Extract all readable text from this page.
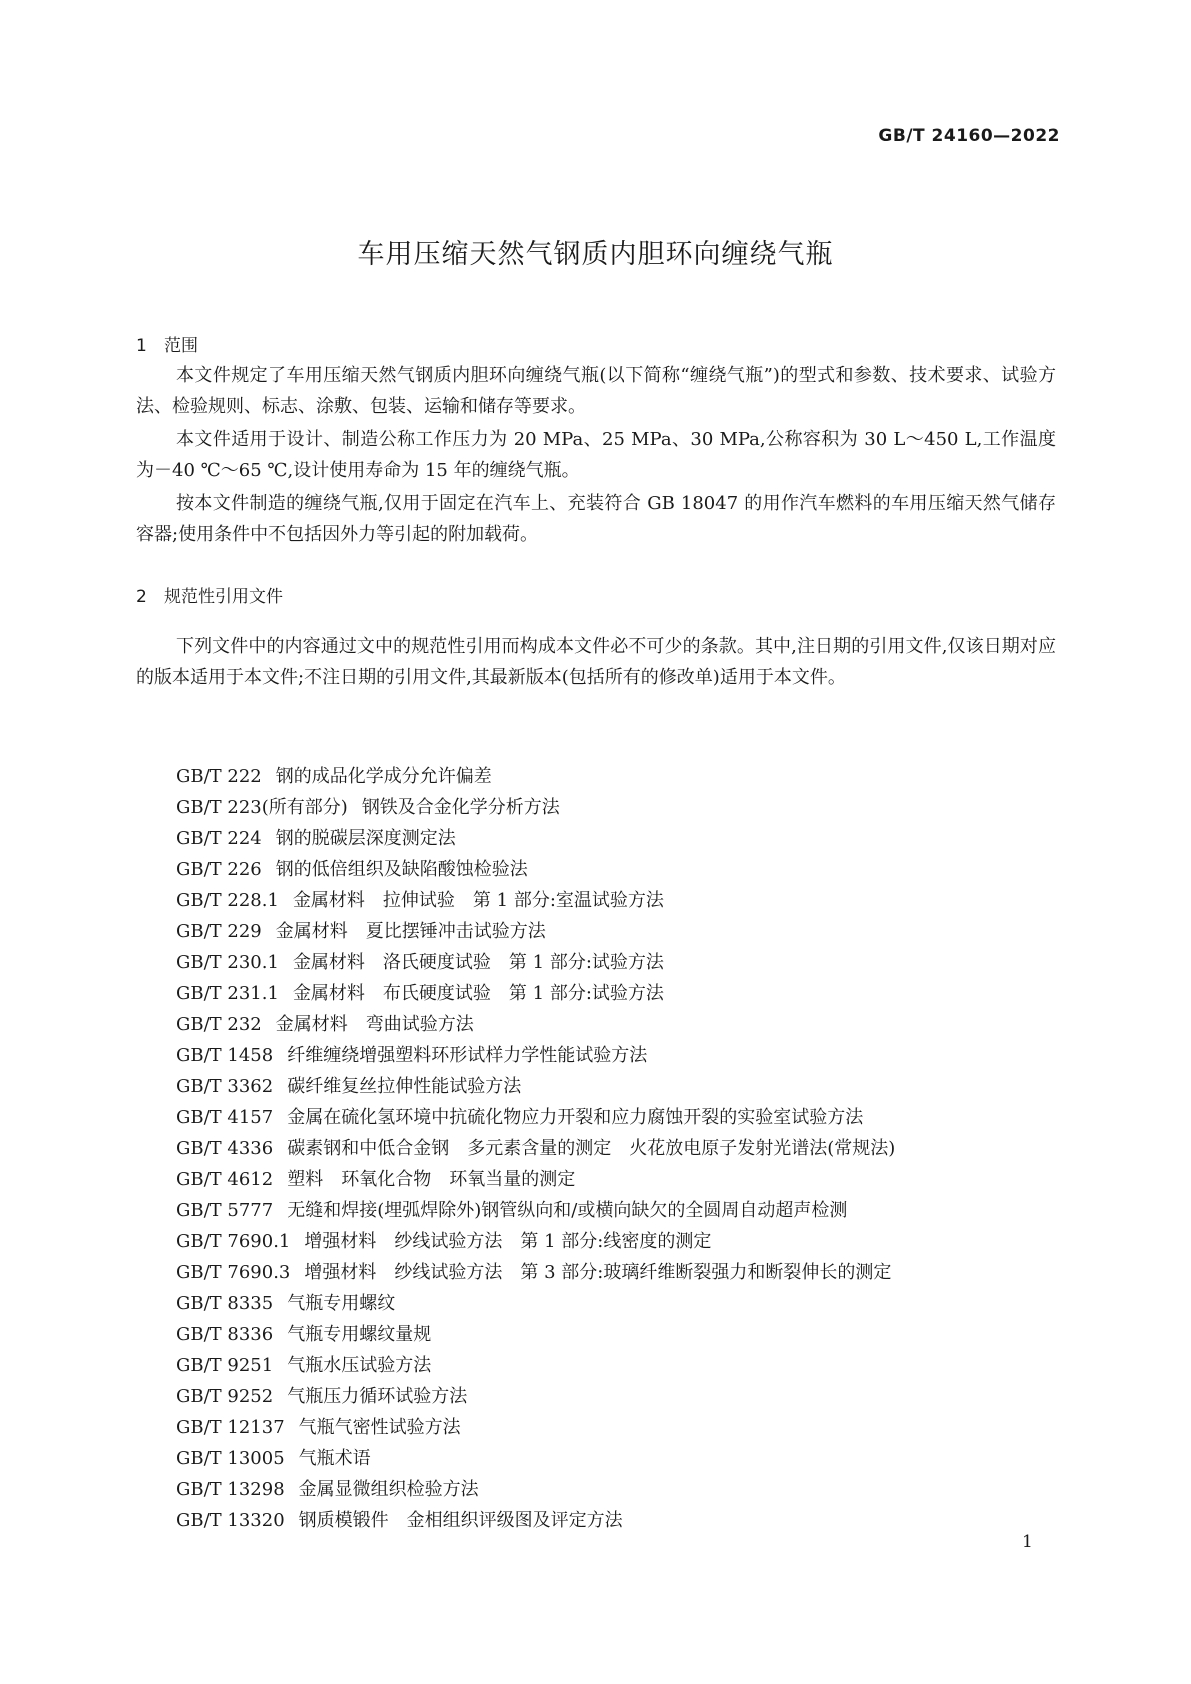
GB/T 24160—2022
车用压缩天然气钢质内胆环向缠绕气瓶
1 范围

本文件规定了车用压缩天然气钢质内胆环向缠绕气瓶(以下简称“缠绕气瓶”)的型式和参数、技术要求、试验方法、检验规则、标志、涂敷、包装、运输和储存等要求。

本文件适用于设计、制造公称工作压力为 20 MPa、25 MPa、30 MPa,公称容积为 30 L～450 L,工作温度为－40 ℃～65 ℃,设计使用寿命为 15 年的缠绕气瓶。

按本文件制造的缠绕气瓶,仅用于固定在汽车上、充装符合 GB 18047 的用作汽车燃料的车用压缩天然气储存容器;使用条件中不包括因外力等引起的附加载荷。

2 规范性引用文件

下列文件中的内容通过文中的规范性引用而构成本文件必不可少的条款。其中,注日期的引用文件,仅该日期对应的版本适用于本文件;不注日期的引用文件,其最新版本(包括所有的修改单)适用于本文件。

GB/T 222 钢的成品化学成分允许偏差
GB/T 223(所有部分) 钢铁及合金化学分析方法
GB/T 224 钢的脱碳层深度测定法
GB/T 226 钢的低倍组织及缺陷酸蚀检验法
GB/T 228.1 金属材料　拉伸试验　第 1 部分:室温试验方法
GB/T 229 金属材料　夏比摆锤冲击试验方法
GB/T 230.1 金属材料　洛氏硬度试验　第 1 部分:试验方法
GB/T 231.1 金属材料　布氏硬度试验　第 1 部分:试验方法
GB/T 232 金属材料　弯曲试验方法
GB/T 1458 纤维缠绕增强塑料环形试样力学性能试验方法
GB/T 3362 碳纤维复丝拉伸性能试验方法
GB/T 4157 金属在硫化氢环境中抗硫化物应力开裂和应力腐蚀开裂的实验室试验方法
GB/T 4336 碳素钢和中低合金钢　多元素含量的测定　火花放电原子发射光谱法(常规法)
GB/T 4612 塑料　环氧化合物　环氧当量的测定
GB/T 5777 无缝和焊接(埋弧焊除外)钢管纵向和/或横向缺欠的全圆周自动超声检测
GB/T 7690.1 增强材料　纱线试验方法　第 1 部分:线密度的测定
GB/T 7690.3 增强材料　纱线试验方法　第 3 部分:玻璃纤维断裂强力和断裂伸长的测定
GB/T 8335 气瓶专用螺纹
GB/T 8336 气瓶专用螺纹量规
GB/T 9251 气瓶水压试验方法
GB/T 9252 气瓶压力循环试验方法
GB/T 12137 气瓶气密性试验方法
GB/T 13005 气瓶术语
GB/T 13298 金属显微组织检验方法
GB/T 13320 钢质模锻件　金相组织评级图及评定方法
1
